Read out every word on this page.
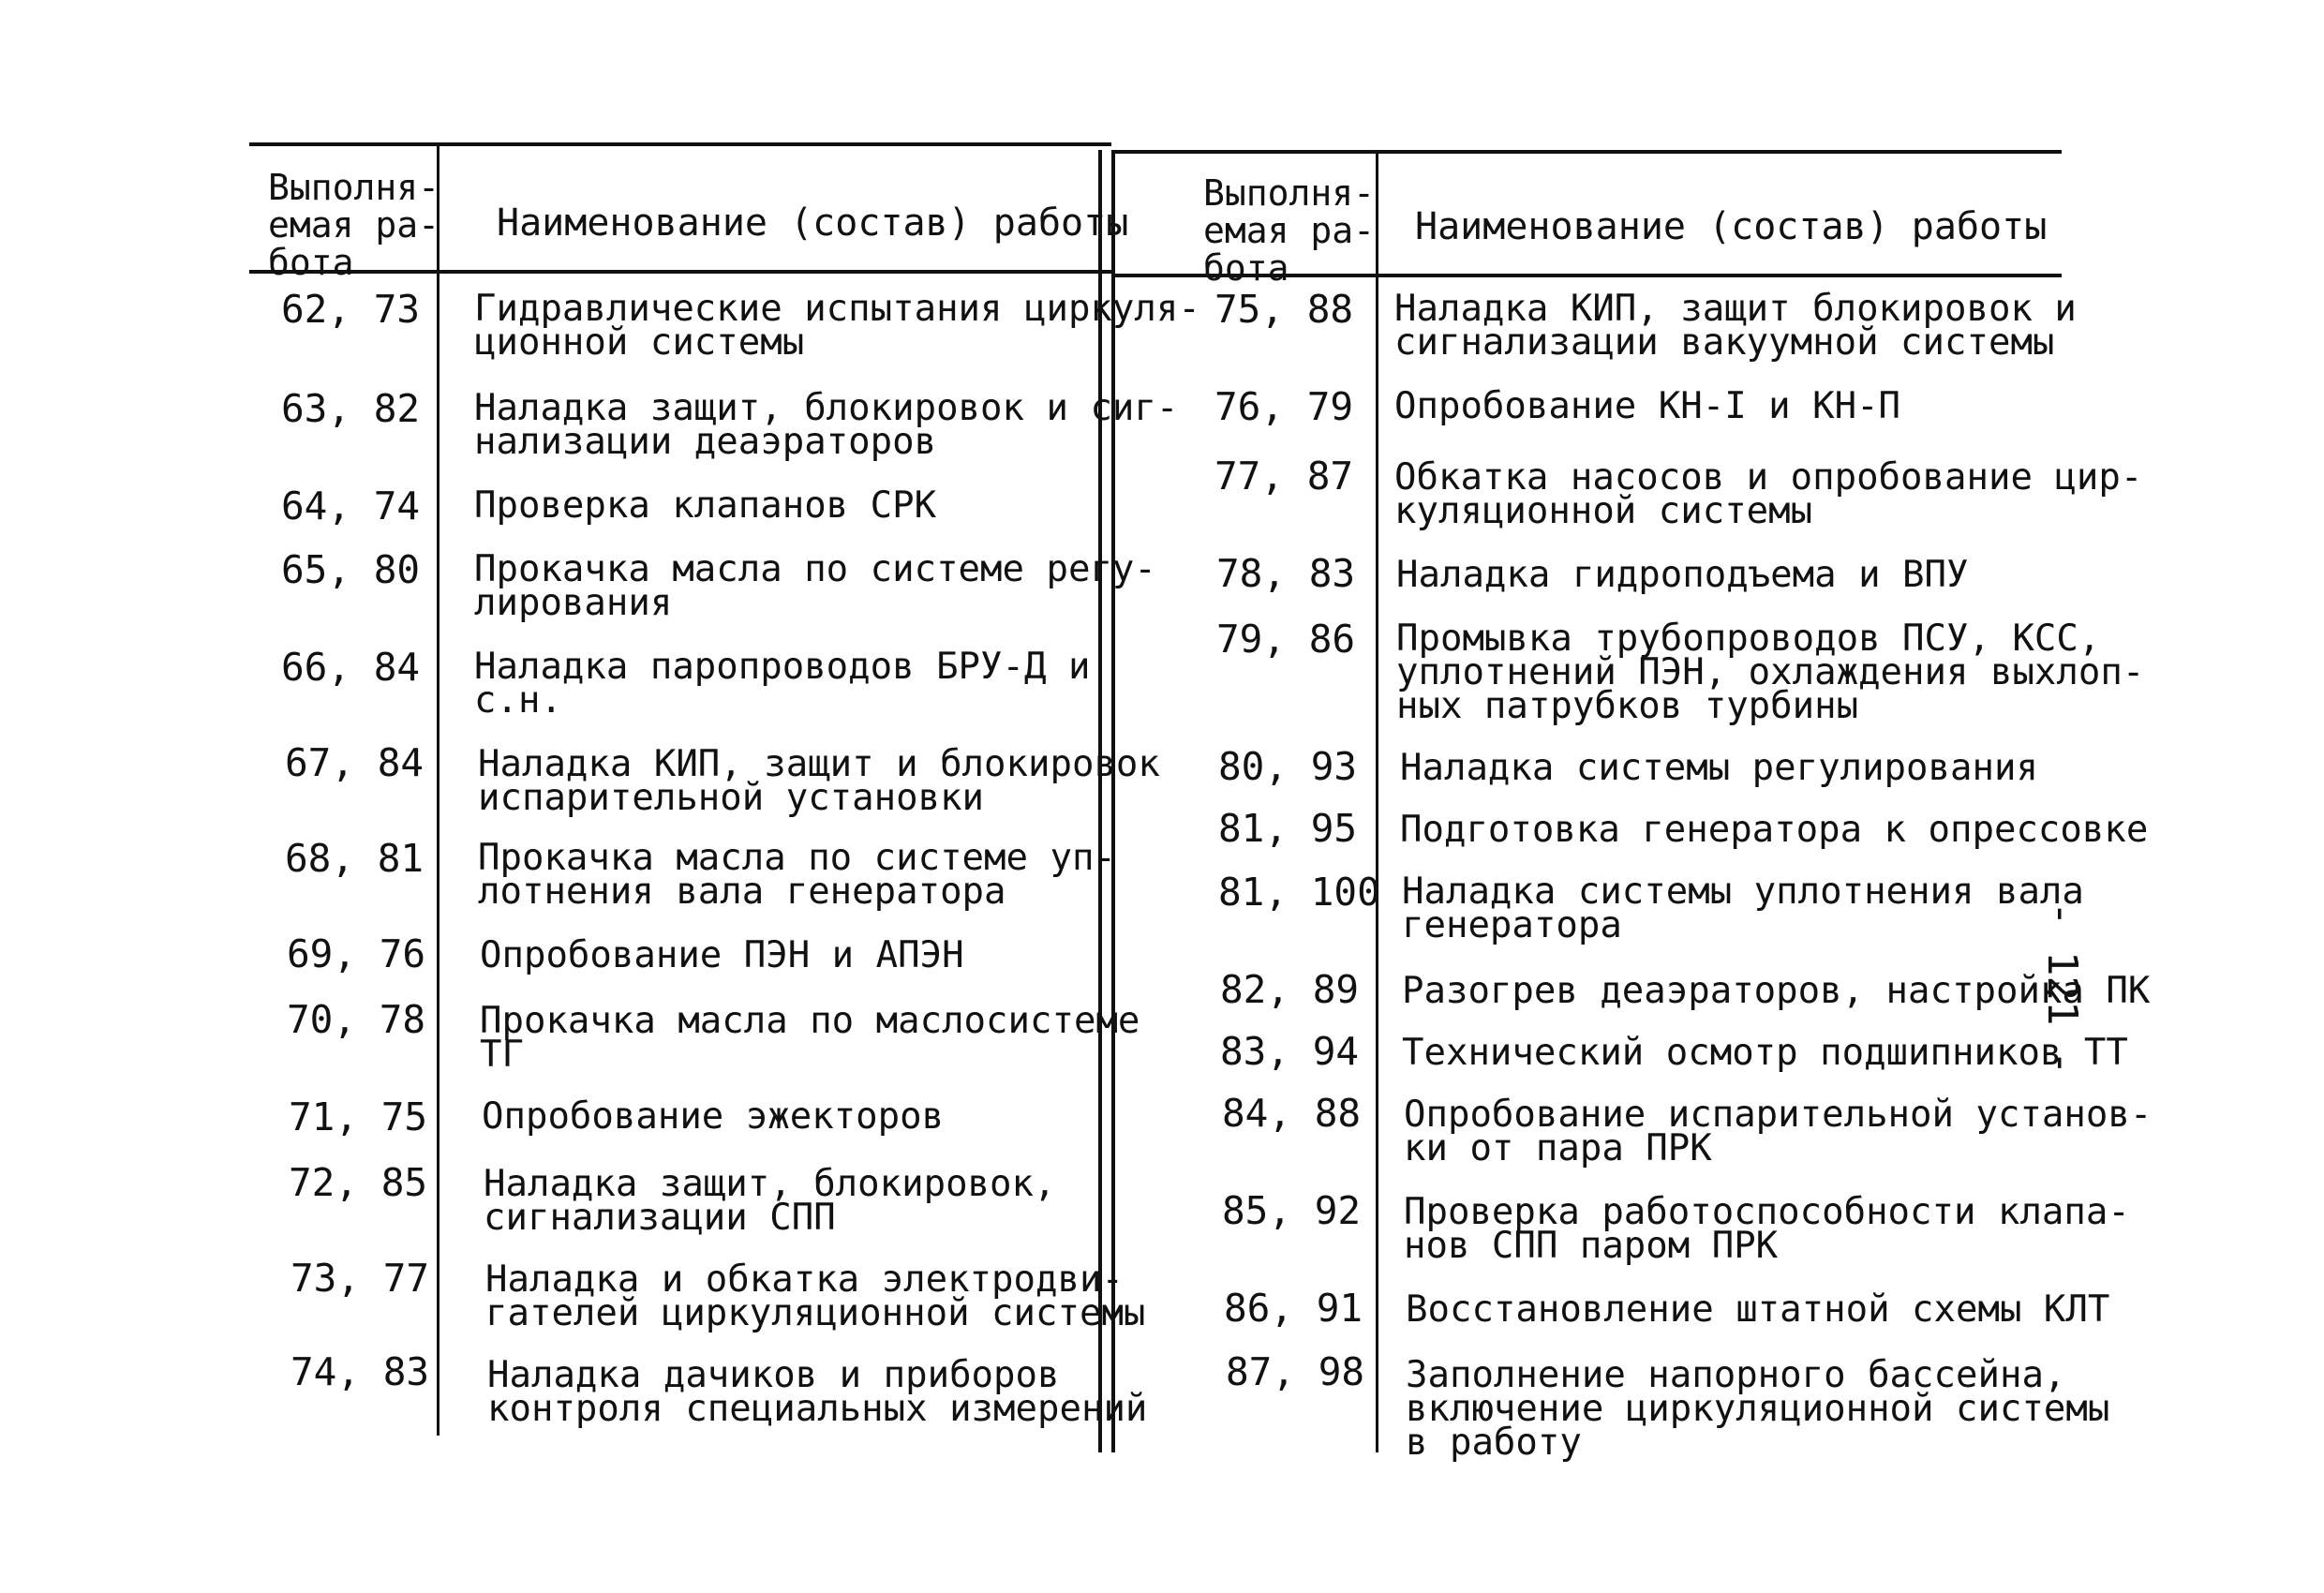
Выполня-
емая ра-
бота
Наименование (состав) работы
Выполня-
емая ра-
бота
Наименование (состав) работы
62, 73 Гидравлические испытания циркуля-
ционной системы
63, 82 Наладка защит, блокировок и сиг-
нализации деаэраторов
64, 74 Проверка клапанов СРК
65, 80 Прокачка масла по системе регу-
лирования
66, 84 Наладка паропроводов БРУ-Д и
с.н.
67, 84 Наладка КИП, защит и блокировок
испарительной установки
68, 81 Прокачка масла по системе уп-
лотнения вала генератора
69, 76 Опробование ПЭН и АПЭН
70, 78 Прокачка масла по маслосистеме
ТГ
71, 75 Опробование эжекторов
72, 85 Наладка защит, блокировок,
сигнализации СПП
73, 77 Наладка и обкатка электродви-
гателей циркуляционной системы
74, 83 Наладка дачиков и приборов
контроля специальных измерений
75, 88 Наладка КИП, защит блокировок и
сигнализации вакуумной системы
76, 79 Опробование КН-I и КН-П
77, 87 Обкатка насосов и опробование цир-
куляционной системы
78, 83 Наладка гидроподъема и ВПУ
79, 86 Промывка трубопроводов ПСУ, КСС,
уплотнений ПЭН, охлаждения выхлоп-
ных патрубков турбины
80, 93 Наладка системы регулирования
81, 95 Подготовка генератора к опрессовке
81, 100 Наладка системы уплотнения вала
генератора
82, 89 Разогрев деаэраторов, настройка ПК
83, 94 Технический осмотр подшипников ТТ
84, 88 Опробование испарительной установ-
ки от пара ПРК
85, 92 Проверка работоспособности клапа-
нов СПП паром ПРК
86, 91 Восстановление штатной схемы КЛТ
87, 98 Заполнение напорного бассейна,
включение циркуляционной системы
в работу
- 121 -
